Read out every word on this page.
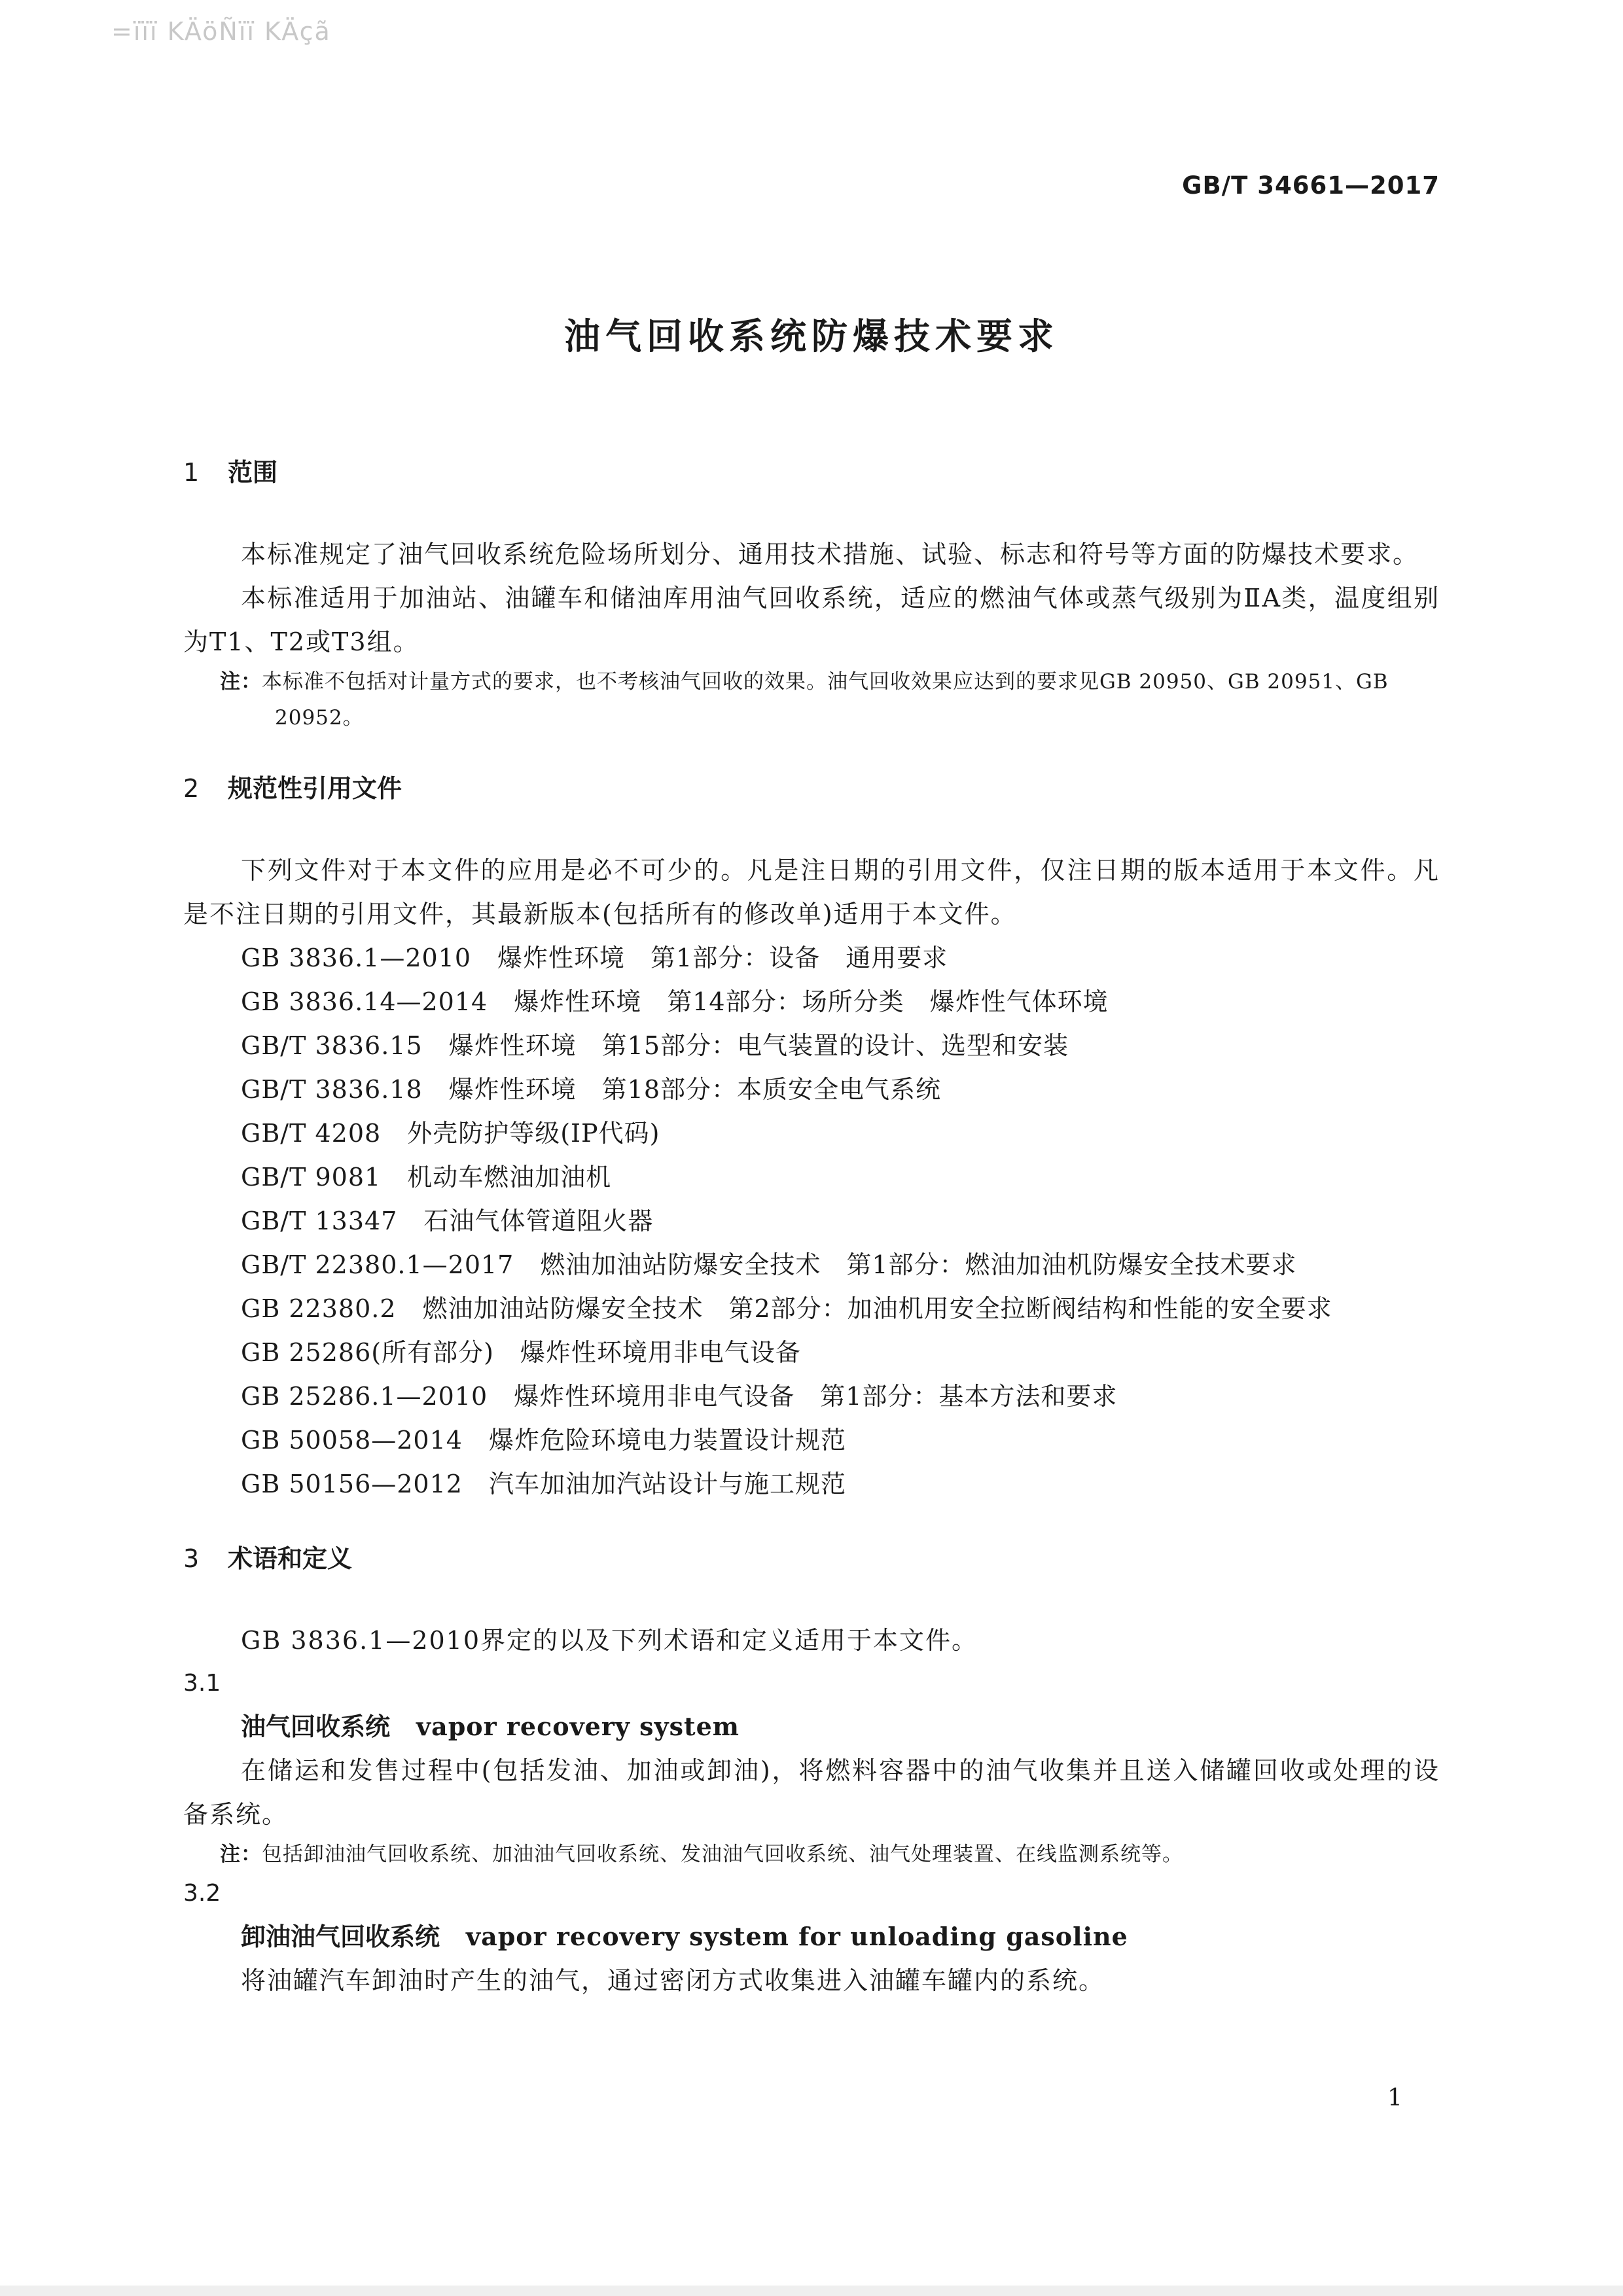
=ïïï KÄöÑïï KÄçã
GB/T 34661—2017
油气回收系统防爆技术要求

1 范围

本标准规定了油气回收系统危险场所划分、通用技术措施、试验、标志和符号等方面的防爆技术要求。

本标准适用于加油站、油罐车和储油库用油气回收系统，适应的燃油气体或蒸气级别为ⅡA类，温度组别为T1、T2或T3组。

注：本标准不包括对计量方式的要求，也不考核油气回收的效果。油气回收效果应达到的要求见GB 20950、GB 20951、GB 20952。

2 规范性引用文件

下列文件对于本文件的应用是必不可少的。凡是注日期的引用文件，仅注日期的版本适用于本文件。凡是不注日期的引用文件，其最新版本(包括所有的修改单)适用于本文件。

GB 3836.1—2010 爆炸性环境　第1部分：设备　通用要求

GB 3836.14—2014 爆炸性环境　第14部分：场所分类　爆炸性气体环境

GB/T 3836.15 爆炸性环境　第15部分：电气装置的设计、选型和安装

GB/T 3836.18 爆炸性环境　第18部分：本质安全电气系统

GB/T 4208 外壳防护等级(IP代码)

GB/T 9081 机动车燃油加油机

GB/T 13347 石油气体管道阻火器

GB/T 22380.1—2017 燃油加油站防爆安全技术　第1部分：燃油加油机防爆安全技术要求

GB 22380.2 燃油加油站防爆安全技术　第2部分：加油机用安全拉断阀结构和性能的安全要求

GB 25286(所有部分) 爆炸性环境用非电气设备

GB 25286.1—2010 爆炸性环境用非电气设备　第1部分：基本方法和要求

GB 50058—2014 爆炸危险环境电力装置设计规范

GB 50156—2012 汽车加油加汽站设计与施工规范

3 术语和定义

GB 3836.1—2010界定的以及下列术语和定义适用于本文件。

3.1

油气回收系统 vapor recovery system

在储运和发售过程中(包括发油、加油或卸油)，将燃料容器中的油气收集并且送入储罐回收或处理的设备系统。

注：包括卸油油气回收系统、加油油气回收系统、发油油气回收系统、油气处理装置、在线监测系统等。

3.2

卸油油气回收系统 vapor recovery system for unloading gasoline

将油罐汽车卸油时产生的油气，通过密闭方式收集进入油罐车罐内的系统。

1
